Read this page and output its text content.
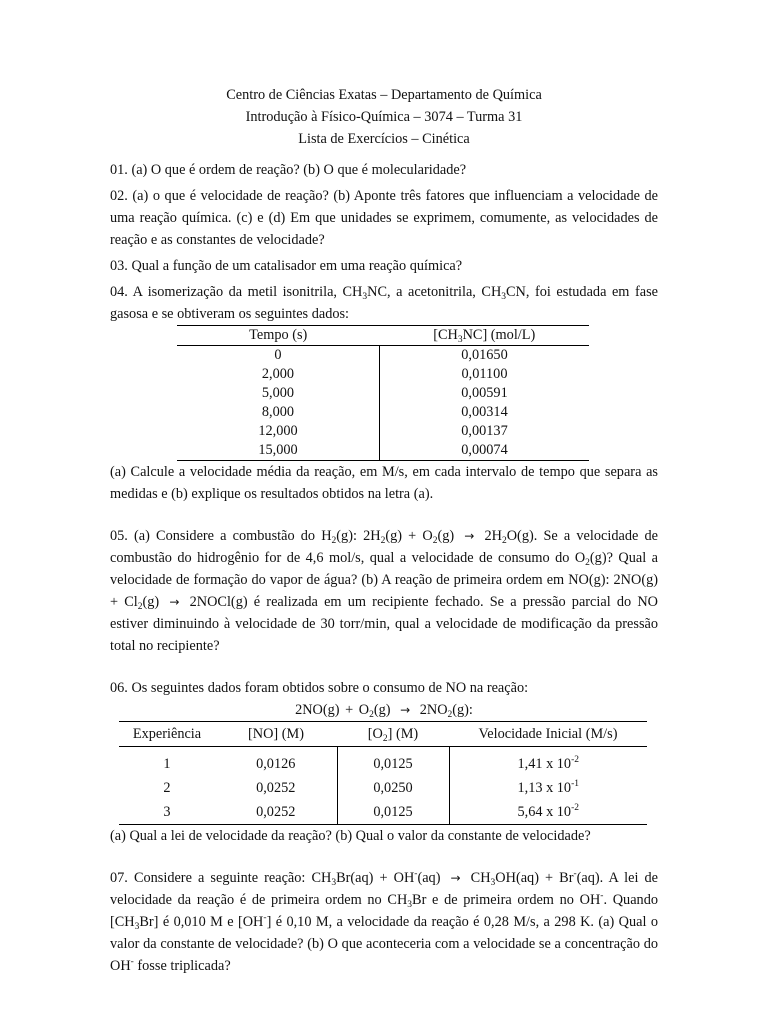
Centro de Ciências Exatas – Departamento de Química
Introdução à Físico-Química – 3074 – Turma 31
Lista de Exercícios – Cinética

01. (a) O que é ordem de reação? (b) O que é molecularidade?

02. (a) o que é velocidade de reação? (b) Aponte três fatores que influenciam a velocidade de uma reação química. (c) e (d) Em que unidades se exprimem, comumente, as velocidades de reação e as constantes de velocidade?

03. Qual a função de um catalisador em uma reação química?

04. A isomerização da metil isonitrila, $CH_3NC$, a acetonitrila, $CH_3CN$, foi estudada em fase gasosa e se obtiveram os seguintes dados:

Tempo (s)	$[CH_3NC]$ (mol/L)
0	0,01650
2,000	0,01100
5,000	0,00591
8,000	0,00314
12,000	0,00137
15,000	0,00074

(a) Calcule a velocidade média da reação, em M/s, em cada intervalo de tempo que separa as medidas e (b) explique os resultados obtidos na letra (a).

05. (a) Considere a combustão do $H_2(g)$: $2H_2(g) + O_2(g) \to 2H_2O(g)$. Se a velocidade de combustão do hidrogênio for de 4,6 mol/s, qual a velocidade de consumo do $O_2(g)$? Qual a velocidade de formação do vapor de água? (b) A reação de primeira ordem em NO(g): $2NO(g) + Cl_2(g)$ → 2NOCl(g) é realizada em um recipiente fechado. Se a pressão parcial do NO estiver diminuindo à velocidade de 30 torr/min, qual a velocidade de modificação da pressão total no recipiente?

06. Os seguintes dados foram obtidos sobre o consumo de NO na reação:

$2NO(g) + O_2(g) \to 2NO_2(g)$:

Experiência	[NO] (M)	$[O_2]$ (M)	Velocidade Inicial (M/s)
1	0,0126	0,0125	1,41 x $10^{-2}$
2	0,0252	0,0250	1,13 x $10^{-1}$
3	0,0252	0,0125	5,64 x $10^{-2}$

(a) Qual a lei de velocidade da reação? (b) Qual o valor da constante de velocidade?

07. Considere a seguinte reação: $CH_3Br(aq) + OH^-(aq) \to CH_3OH(aq) + Br^-(aq)$. A lei de velocidade da reação é de primeira ordem no $CH_3Br$ e de primeira ordem no OH-. Quando $[CH_3Br]$ é 0,010 M e [OH-] é 0,10 M, a velocidade da reação é 0,28 M/s, a 298 K. (a) Qual o valor da constante de velocidade? (b) O que aconteceria com a velocidade se a concentração do OH- fosse triplicada?
